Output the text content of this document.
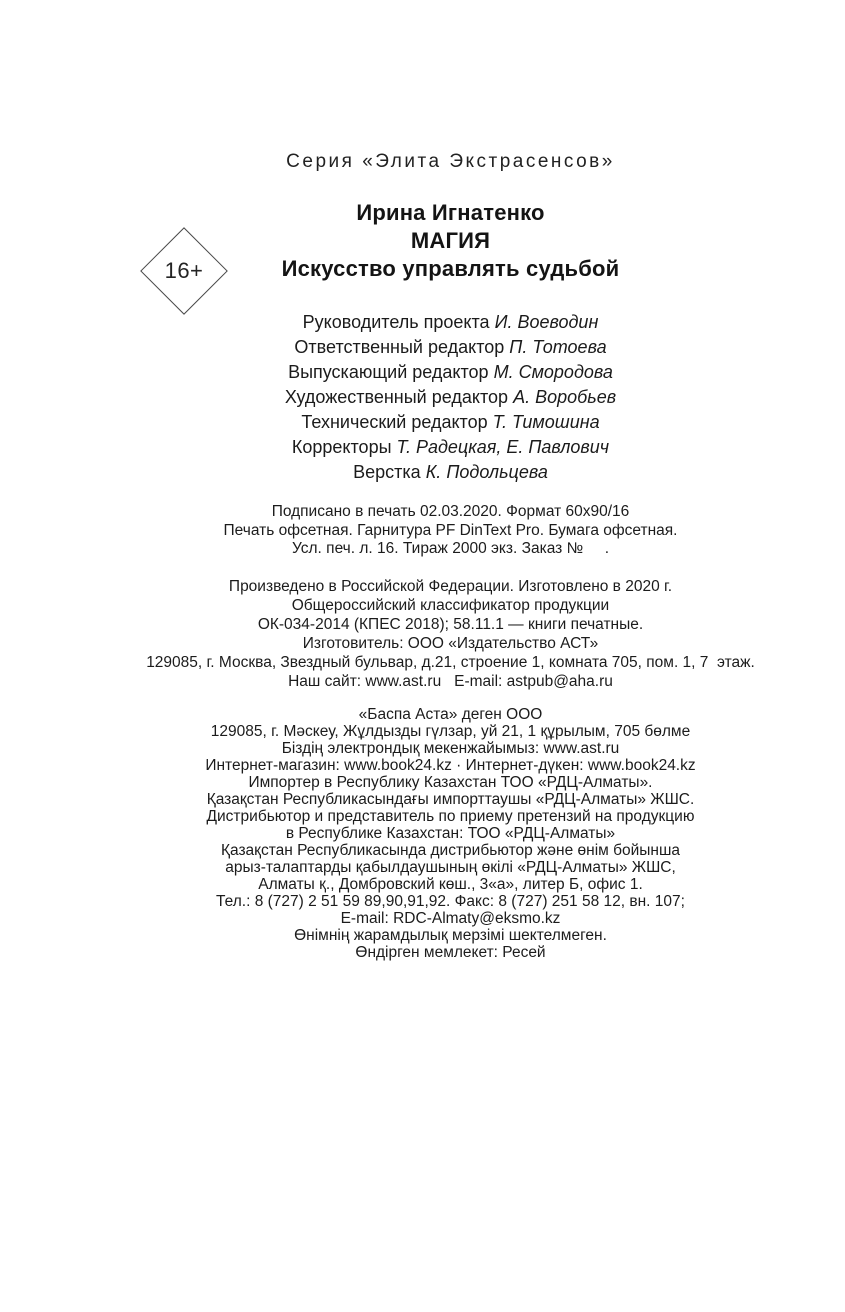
16+
Серия «Элита Экстрасенсов»
Ирина Игнатенко
МАГИЯ
Искусство управлять судьбой
Руководитель проекта И. Воеводин
Ответственный редактор П. Тотоева
Выпускающий редактор М. Смородова
Художественный редактор А. Воробьев
Технический редактор Т. Тимошина
Корректоры Т. Радецкая, Е. Павлович
Верстка К. Подольцева
Подписано в печать 02.03.2020. Формат 60x90/16
Печать офсетная. Гарнитура PF DinText Pro. Бумага офсетная.
Усл. печ. л. 16. Тираж 2000 экз. Заказ №     .
Произведено в Российской Федерации. Изготовлено в 2020 г.
Общероссийский классификатор продукции
ОК-034-2014 (КПЕС 2018); 58.11.1 — книги печатные.
Изготовитель: ООО «Издательство АСТ»
129085, г. Москва, Звездный бульвар, д.21, строение 1, комната 705, пом. 1, 7  этаж.
Наш сайт: www.ast.ru   E-mail: astpub@aha.ru
«Баспа Аста» деген ООО
129085, г. Мәскеу, Жұлдызды гүлзар, уй 21, 1 құрылым, 705 бөлме
Біздің электрондық мекенжайымыз: www.ast.ru
Интернет-магазин: www.book24.kz · Интернет-дүкен: www.book24.kz
Импортер в Республику Казахстан ТОО «РДЦ-Алматы».
Қазақстан Республикасындағы импорттаушы «РДЦ-Алматы» ЖШС.
Дистрибьютор и представитель по приему претензий на продукцию
в Республике Казахстан: ТОО «РДЦ-Алматы»
Қазақстан Республикасында дистрибьютор және өнім бойынша
арыз-талаптарды қабылдаушының өкілі «РДЦ-Алматы» ЖШС,
Алматы қ., Домбровский көш., 3«а», литер Б, офис 1.
Тел.: 8 (727) 2 51 59 89,90,91,92. Факс: 8 (727) 251 58 12, вн. 107;
E-mail: RDC-Almaty@eksmo.kz
Өнімнің жарамдылық мерзімі шектелмеген.
Өндірген мемлекет: Ресей
